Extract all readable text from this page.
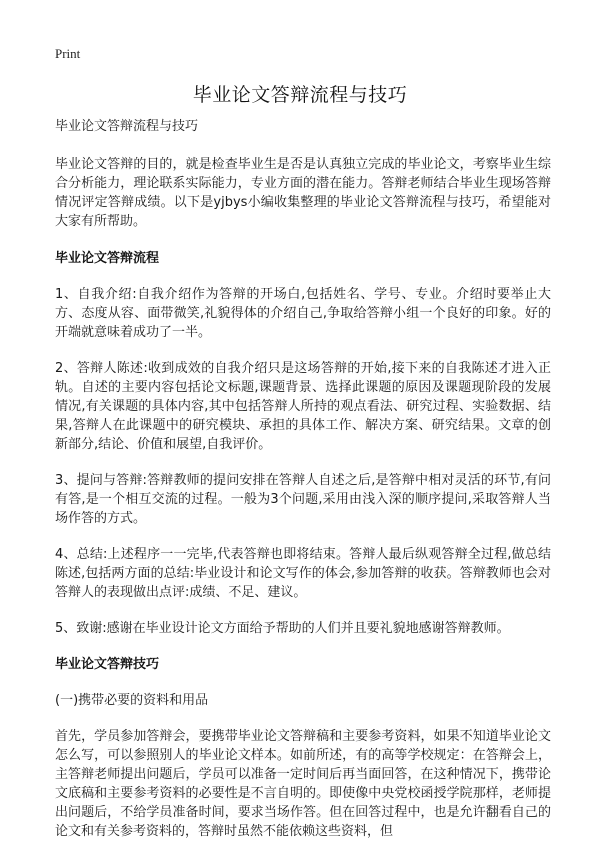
Print
毕业论文答辩流程与技巧

毕业论文答辩流程与技巧

毕业论文答辩的目的，就是检查毕业生是否是认真独立完成的毕业论文，考察毕业生综合分析能力，理论联系实际能力，专业方面的潜在能力。答辩老师结合毕业生现场答辩情况评定答辩成绩。以下是yjbys小编收集整理的毕业论文答辩流程与技巧，希望能对大家有所帮助。

毕业论文答辩流程

1、自我介绍:自我介绍作为答辩的开场白,包括姓名、学号、专业。介绍时要举止大方、态度从容、面带微笑,礼貌得体的介绍自己,争取给答辩小组一个良好的印象。好的开端就意味着成功了一半。

2、答辩人陈述:收到成效的自我介绍只是这场答辩的开始,接下来的自我陈述才进入正轨。自述的主要内容包括论文标题,课题背景、选择此课题的原因及课题现阶段的发展情况,有关课题的具体内容,其中包括答辩人所持的观点看法、研究过程、实验数据、结果,答辩人在此课题中的研究模块、承担的具体工作、解决方案、研究结果。文章的创新部分,结论、价值和展望,自我评价。

3、提问与答辩:答辩教师的提问安排在答辩人自述之后,是答辩中相对灵活的环节,有问有答,是一个相互交流的过程。一般为3个问题,采用由浅入深的顺序提问,采取答辩人当场作答的方式。

4、总结:上述程序一一完毕,代表答辩也即将结束。答辩人最后纵观答辩全过程,做总结陈述,包括两方面的总结:毕业设计和论文写作的体会,参加答辩的收获。答辩教师也会对答辩人的表现做出点评:成绩、不足、建议。

5、致谢:感谢在毕业设计论文方面给予帮助的人们并且要礼貌地感谢答辩教师。

毕业论文答辩技巧

(一)携带必要的资料和用品

首先，学员参加答辩会，要携带毕业论文答辩稿和主要参考资料，如果不知道毕业论文怎么写，可以参照别人的毕业论文样本。如前所述，有的高等学校规定：在答辩会上，主答辩老师提出问题后，学员可以准备一定时间后再当面回答，在这种情况下，携带论文底稿和主要参考资料的必要性是不言自明的。即使像中央党校函授学院那样，老师提出问题后，不给学员准备时间，要求当场作答。但在回答过程中，也是允许翻看自己的论文和有关参考资料的，答辩时虽然不能依赖这些资料，但
